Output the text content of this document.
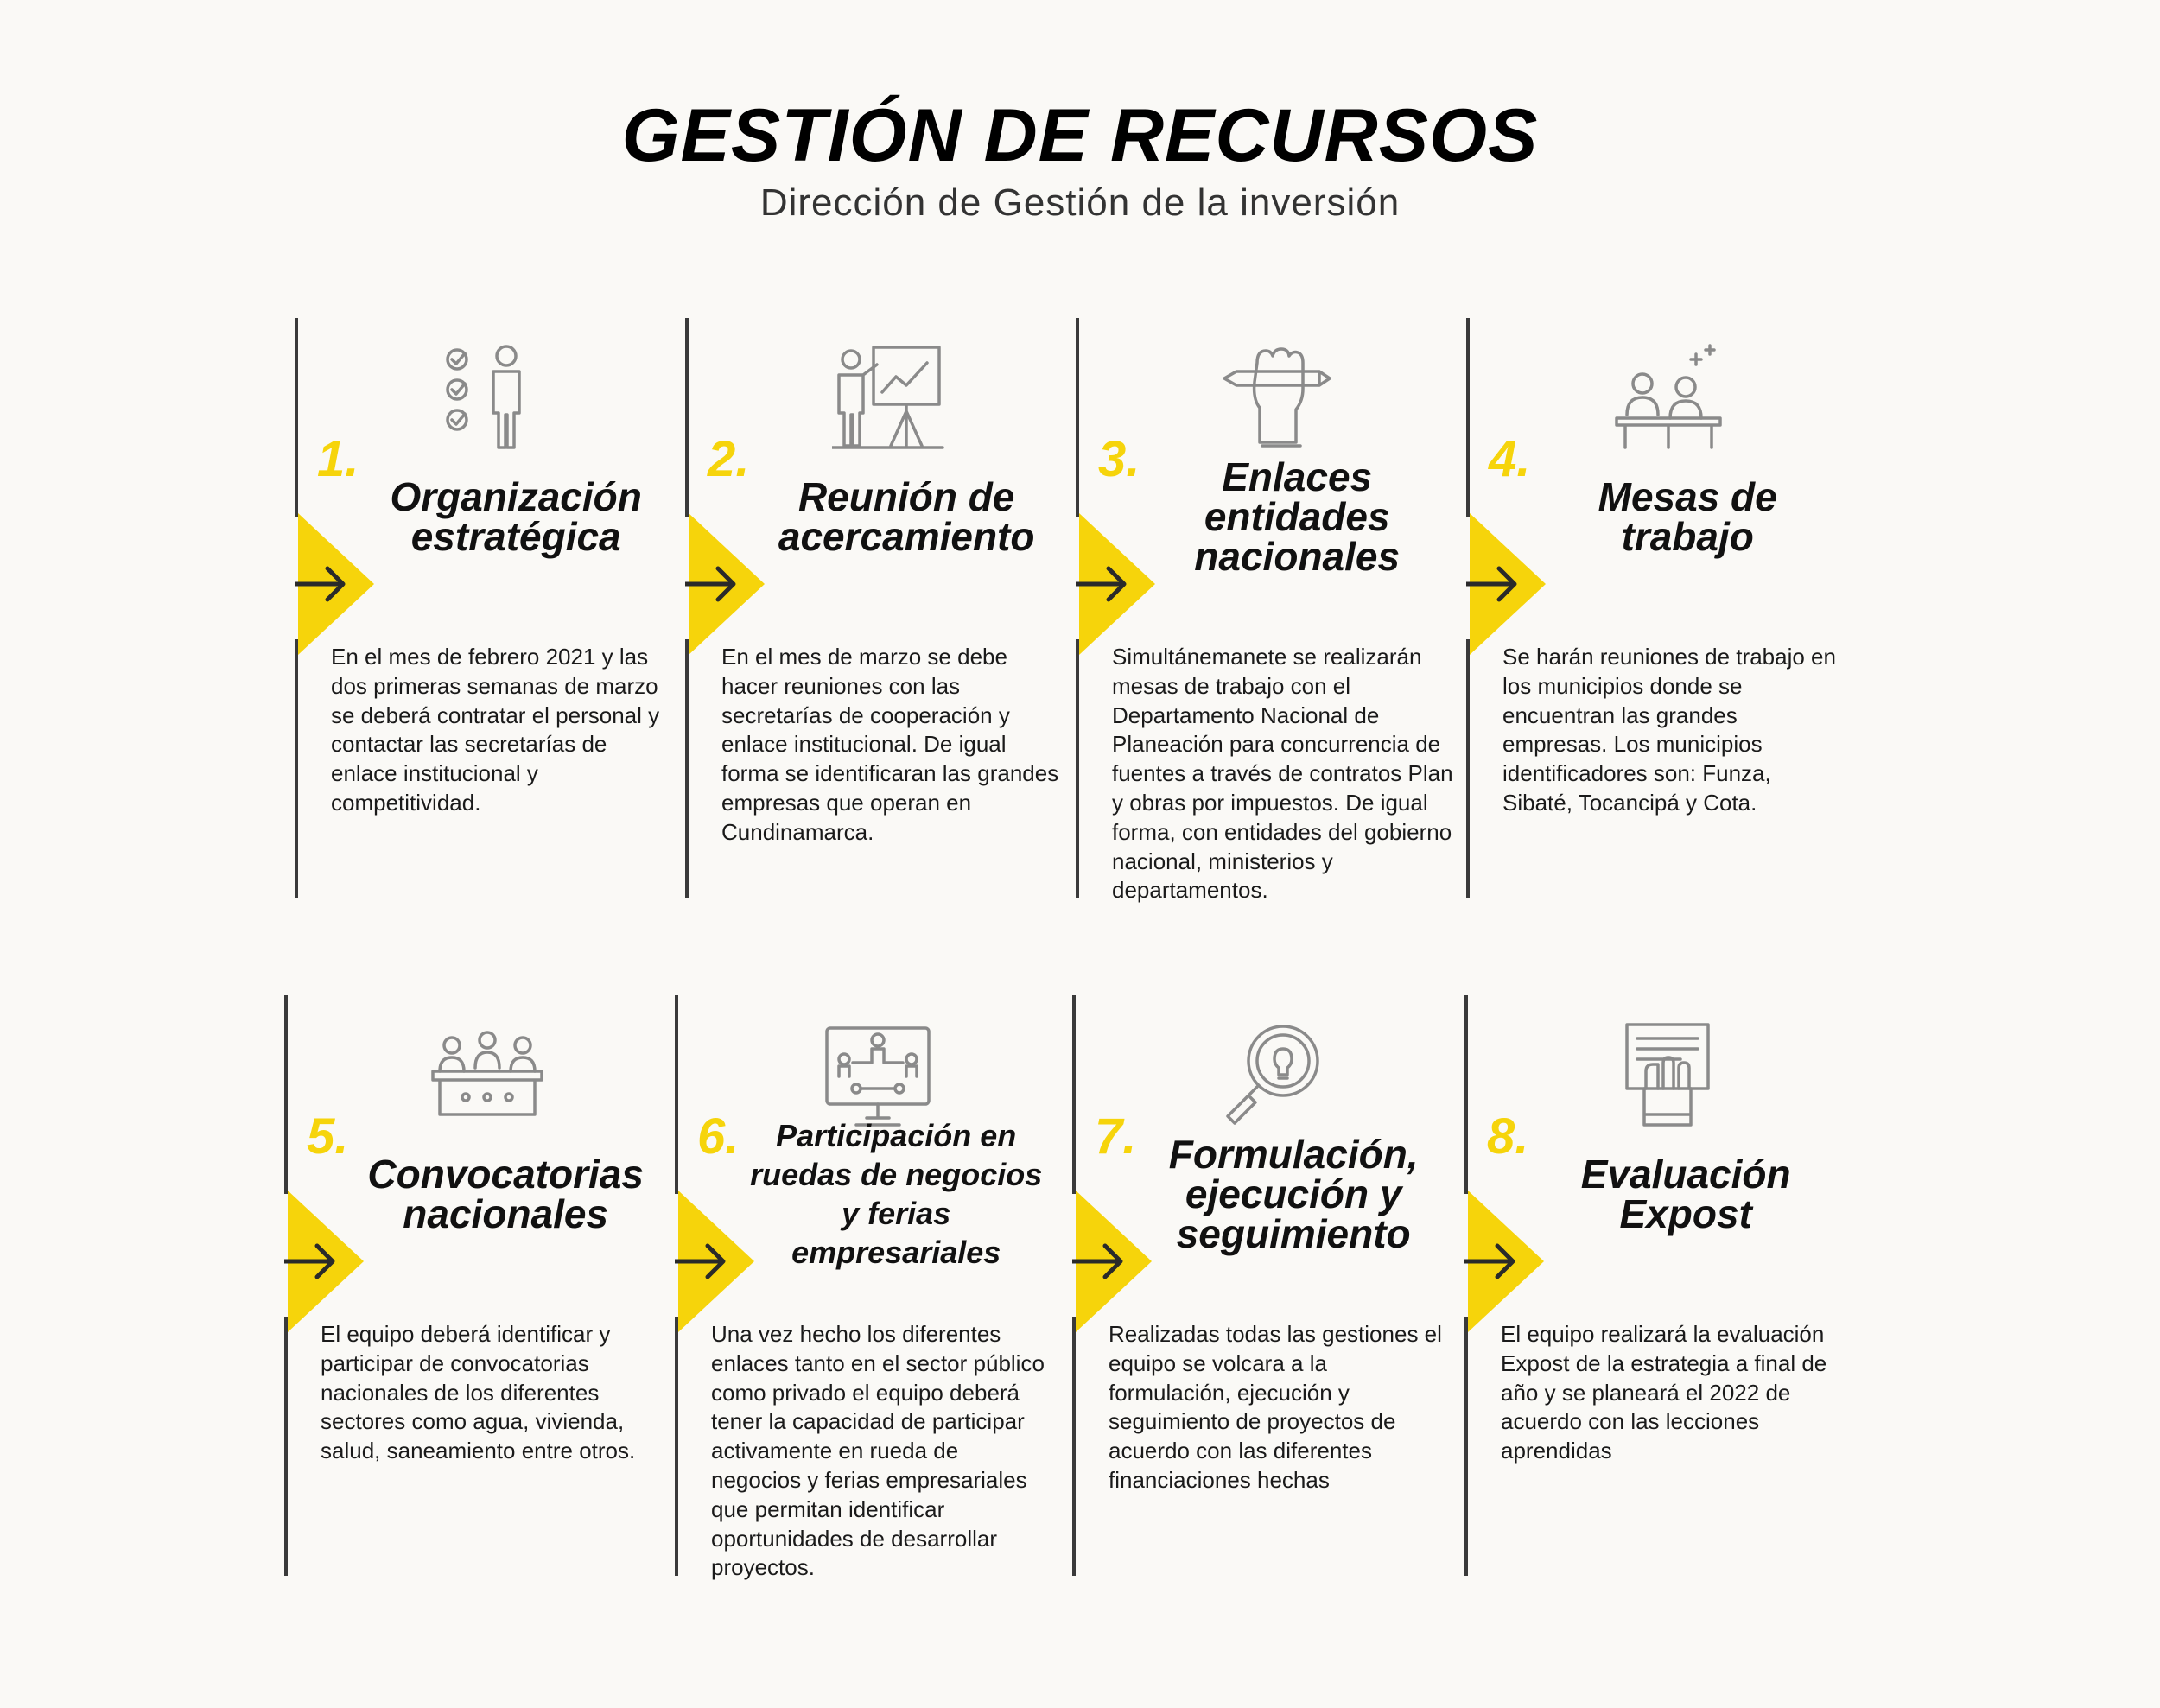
GESTIÓN DE RECURSOS

Dirección de Gestión de la inversión

1.
Organización estratégica

En el mes de febrero 2021 y las dos primeras semanas de marzo se deberá contratar el personal y contactar las secretarías de enlace institucional y competitividad.

2.
Reunión de acercamiento

En el mes de marzo se debe hacer reuniones con las secretarías de cooperación y enlace institucional. De igual forma se identificaran las grandes empresas que operan en Cundinamarca.

3.	Enlaces entidades nacionales

Simultánemanete se realizarán mesas de trabajo con el Departamento Nacional de Planeación para concurrencia de fuentes a través de contratos Plan y obras por impuestos. De igual forma, con entidades del gobierno nacional, ministerios y departamentos.

4.
Mesas de trabajo

Se harán reuniones de trabajo en los municipios donde se encuentran las grandes empresas. Los municipios identificadores son: Funza, Sibaté, Tocancipá y Cota.

5.
Convocatorias nacionales

El equipo deberá identificar y participar de convocatorias nacionales de los diferentes sectores como agua, vivienda, salud, saneamiento entre otros.

6.	Participación en ruedas de negocios y ferias empresariales

Una vez hecho los diferentes enlaces tanto en el sector público como privado el equipo deberá tener la capacidad de participar activamente en rueda de negocios y ferias empresariales que permitan identificar oportunidades de desarrollar proyectos.

7. Formulación, ejecución y seguimiento

Realizadas todas las gestiones el equipo se volcara a la formulación, ejecución y seguimiento de proyectos de acuerdo con las diferentes financiaciones hechas

8.
Evaluación Expost

El equipo realizará la evaluación Expost de la estrategia a final de año y se planeará el 2022 de acuerdo con las lecciones aprendidas
